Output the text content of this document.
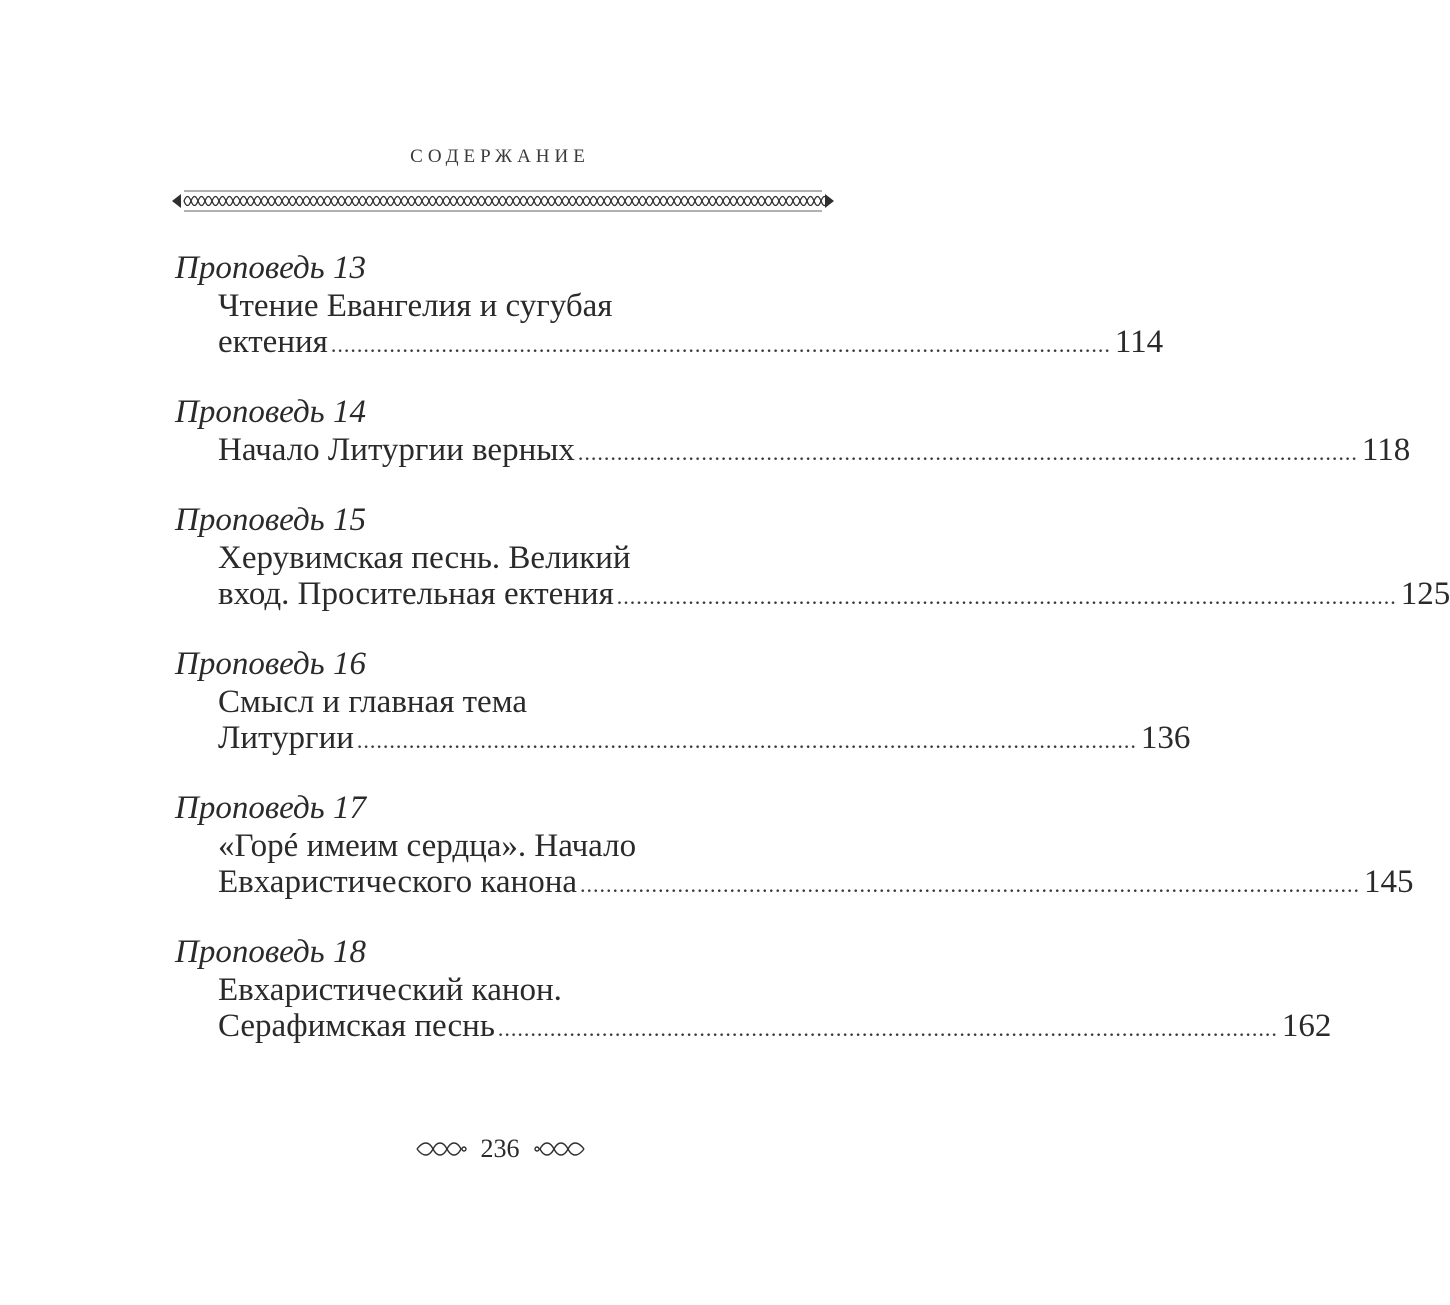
СОДЕРЖАНИЕ
Проповедь 13
Чтение Евангелия и сугубая
ектения ........................................................................................................................ 114
Проповедь 14
Начало Литургии верных ........................................................................................................................ 118
Проповедь 15
Херувимская песнь. Великий
вход. Просительная ектения ........................................................................................................................ 125
Проповедь 16
Смысл и главная тема
Литургии ........................................................................................................................ 136
Проповедь 17
«Горé имеим сердца». Начало
Евхаристического канона ........................................................................................................................ 145
Проповедь 18
Евхаристический канон.
Серафимская песнь ........................................................................................................................ 162
236
